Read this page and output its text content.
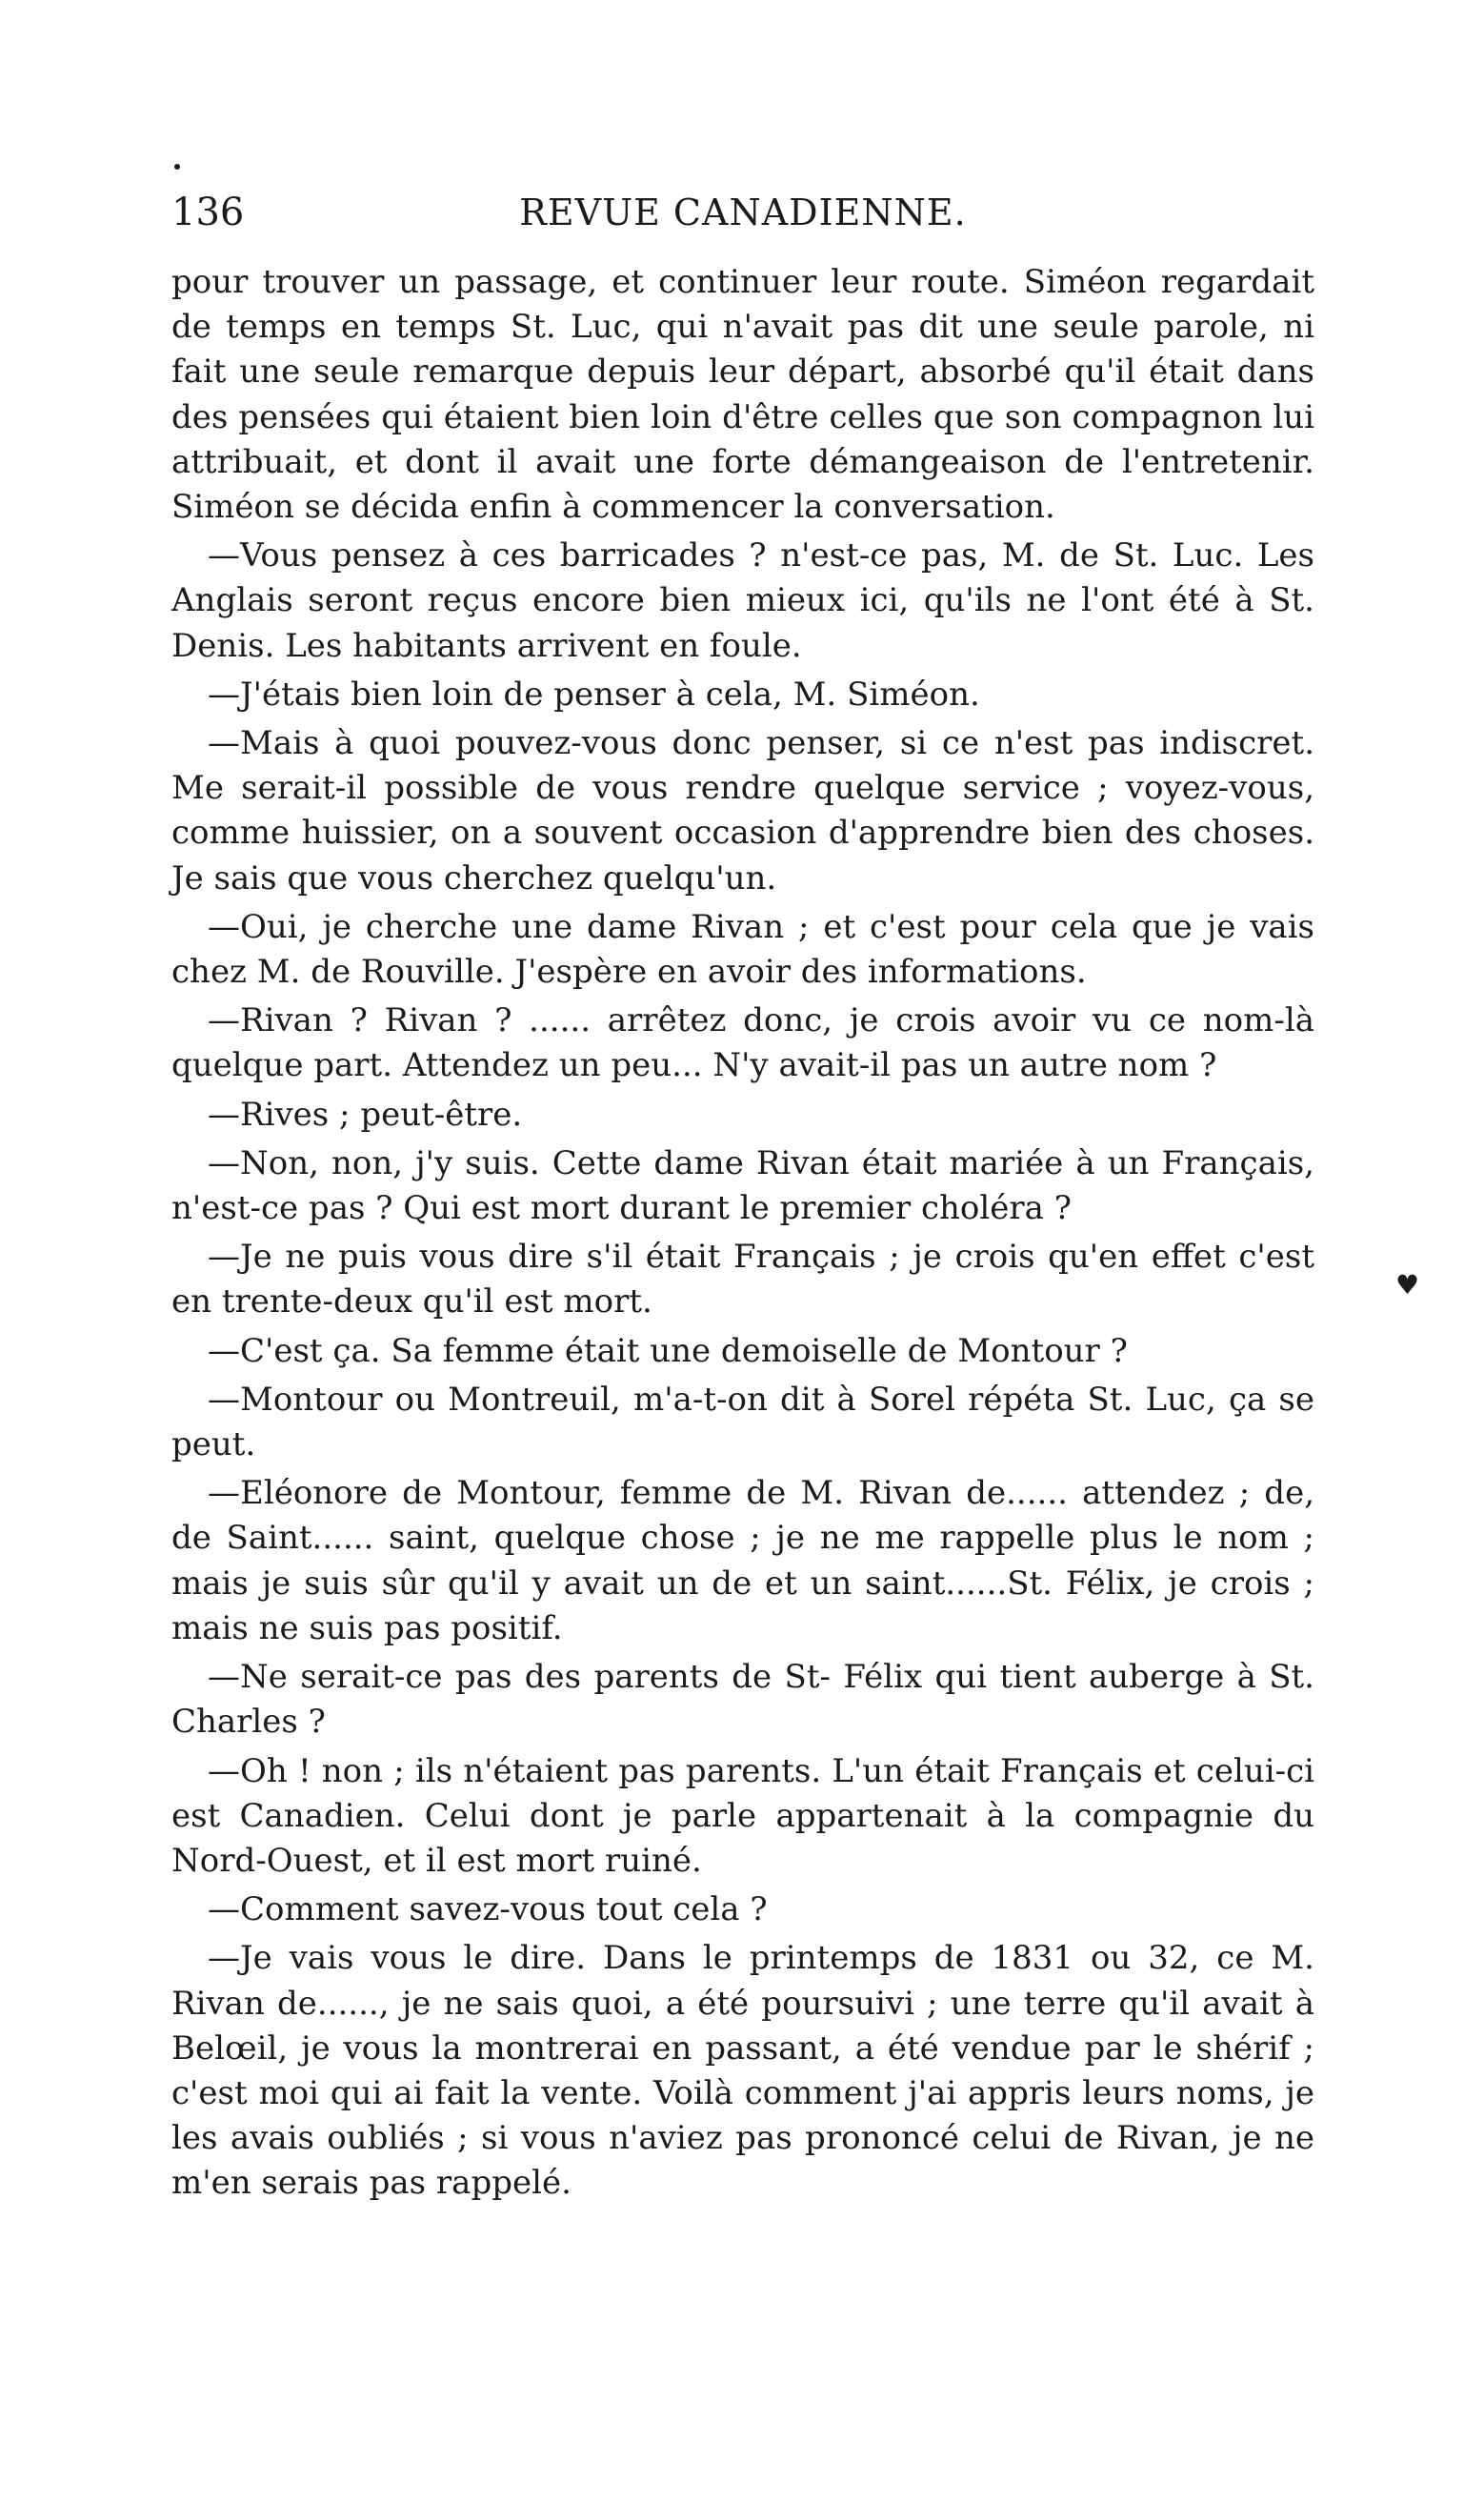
136	REVUE CANADIENNE.

pour trouver un passage, et continuer leur route. Siméon regardait de temps en temps St. Luc, qui n'avait pas dit une seule parole, ni fait une seule remarque depuis leur départ, absorbé qu'il était dans des pensées qui étaient bien loin d'être celles que son compagnon lui attribuait, et dont il avait une forte démangeaison de l'entretenir. Siméon se décida enfin à commencer la conversation.

—Vous pensez à ces barricades ? n'est-ce pas, M. de St. Luc. Les Anglais seront reçus encore bien mieux ici, qu'ils ne l'ont été à St. Denis. Les habitants arrivent en foule.

—J'étais bien loin de penser à cela, M. Siméon.

—Mais à quoi pouvez-vous donc penser, si ce n'est pas indiscret. Me serait-il possible de vous rendre quelque service ; voyez-vous, comme huissier, on a souvent occasion d'apprendre bien des choses. Je sais que vous cherchez quelqu'un.

—Oui, je cherche une dame Rivan ; et c'est pour cela que je vais chez M. de Rouville. J'espère en avoir des informations.

—Rivan ? Rivan ? ...... arrêtez donc, je crois avoir vu ce nom-là quelque part. Attendez un peu... N'y avait-il pas un autre nom ?

—Rives ; peut-être.

—Non, non, j'y suis. Cette dame Rivan était mariée à un Français, n'est-ce pas ? Qui est mort durant le premier choléra ?

—Je ne puis vous dire s'il était Français ; je crois qu'en effet c'est en trente-deux qu'il est mort.

—C'est ça. Sa femme était une demoiselle de Montour ?

—Montour ou Montreuil, m'a-t-on dit à Sorel répéta St. Luc, ça se peut.

—Eléonore de Montour, femme de M. Rivan de...... attendez ; de, de Saint...... saint, quelque chose ; je ne me rappelle plus le nom ; mais je suis sûr qu'il y avait un de et un saint......St. Félix, je crois ; mais ne suis pas positif.

—Ne serait-ce pas des parents de St- Félix qui tient auberge à St. Charles ?

—Oh ! non ; ils n'étaient pas parents. L'un était Français et celui-ci est Canadien. Celui dont je parle appartenait à la compagnie du Nord-Ouest, et il est mort ruiné.

—Comment savez-vous tout cela ?

—Je vais vous le dire. Dans le printemps de 1831 ou 32, ce M. Rivan de......, je ne sais quoi, a été poursuivi ; une terre qu'il avait à Belœil, je vous la montrerai en passant, a été vendue par le shérif ; c'est moi qui ai fait la vente. Voilà comment j'ai appris leurs noms, je les avais oubliés ; si vous n'aviez pas prononcé celui de Rivan, je ne m'en serais pas rappelé.

♥
